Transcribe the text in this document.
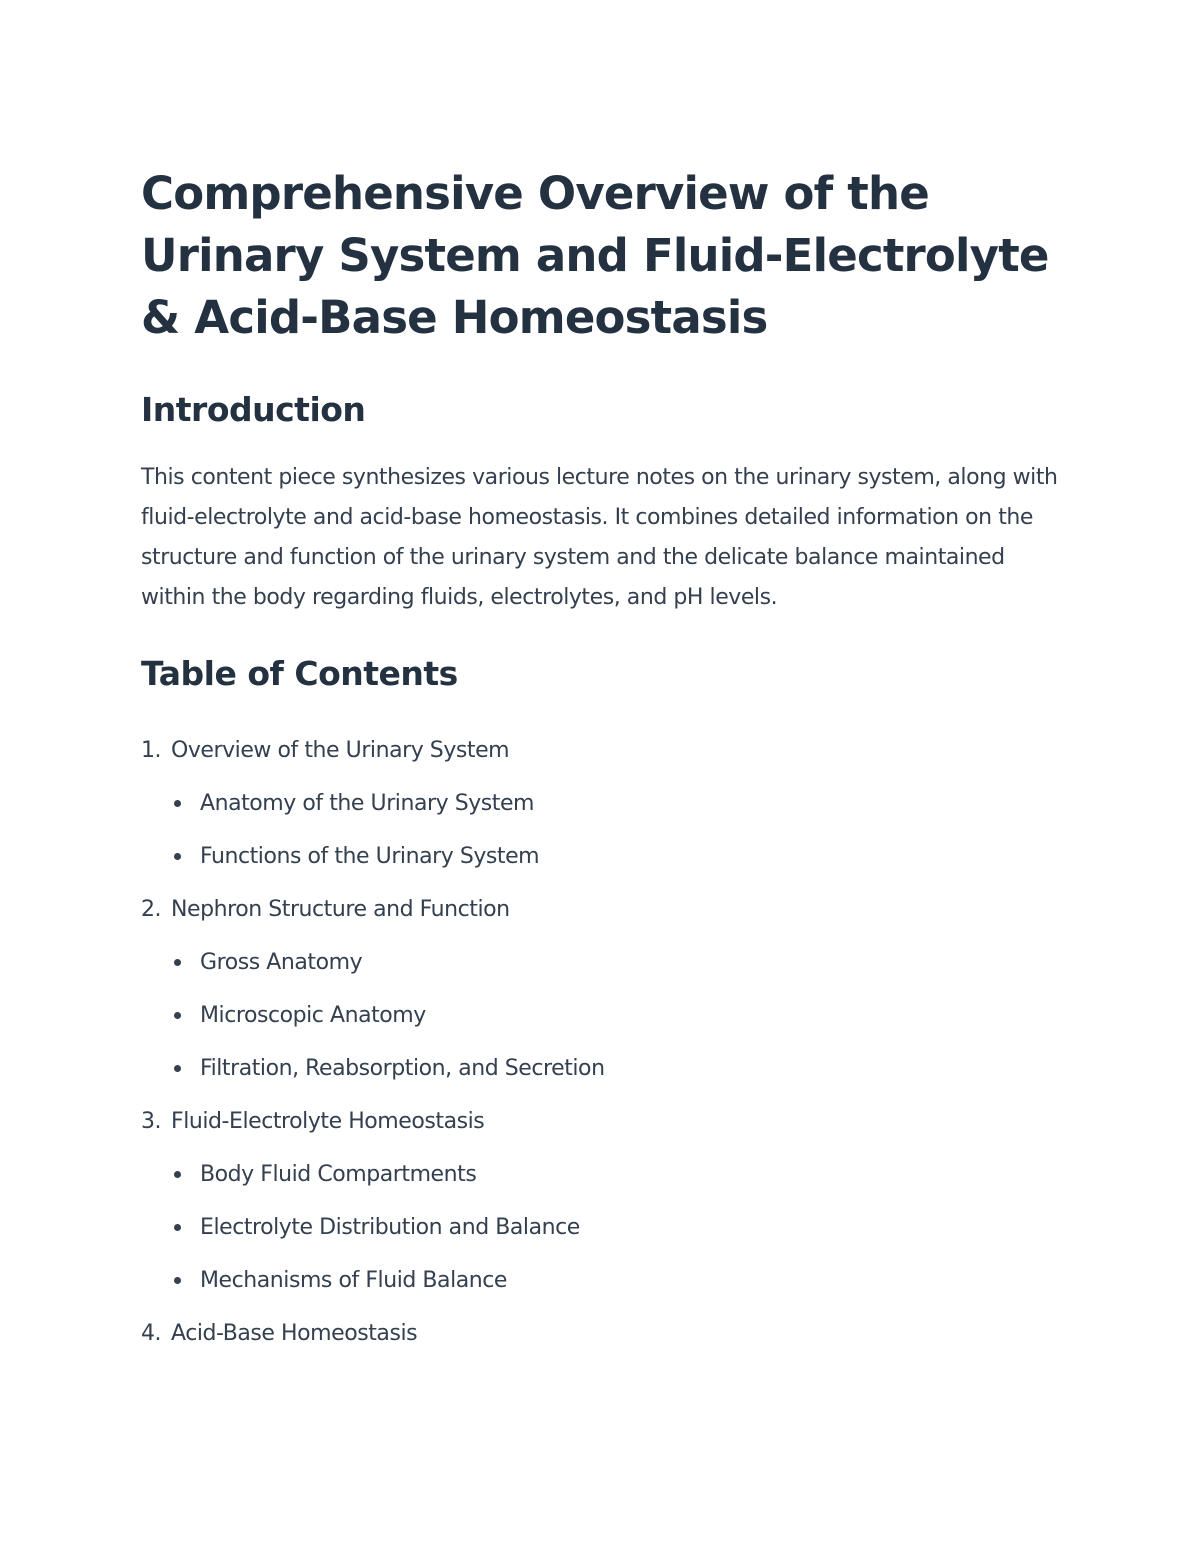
Comprehensive Overview of the Urinary System and Fluid-Electrolyte & Acid-Base Homeostasis
Introduction

This content piece synthesizes various lecture notes on the urinary system, along with fluid-electrolyte and acid-base homeostasis. It combines detailed information on the structure and function of the urinary system and the delicate balance maintained within the body regarding fluids, electrolytes, and pH levels.

Table of Contents
1. Overview of the Urinary System
Anatomy of the Urinary System
Functions of the Urinary System
2. Nephron Structure and Function
Gross Anatomy
Microscopic Anatomy
Filtration, Reabsorption, and Secretion
3. Fluid-Electrolyte Homeostasis
Body Fluid Compartments
Electrolyte Distribution and Balance
Mechanisms of Fluid Balance
4. Acid-Base Homeostasis
